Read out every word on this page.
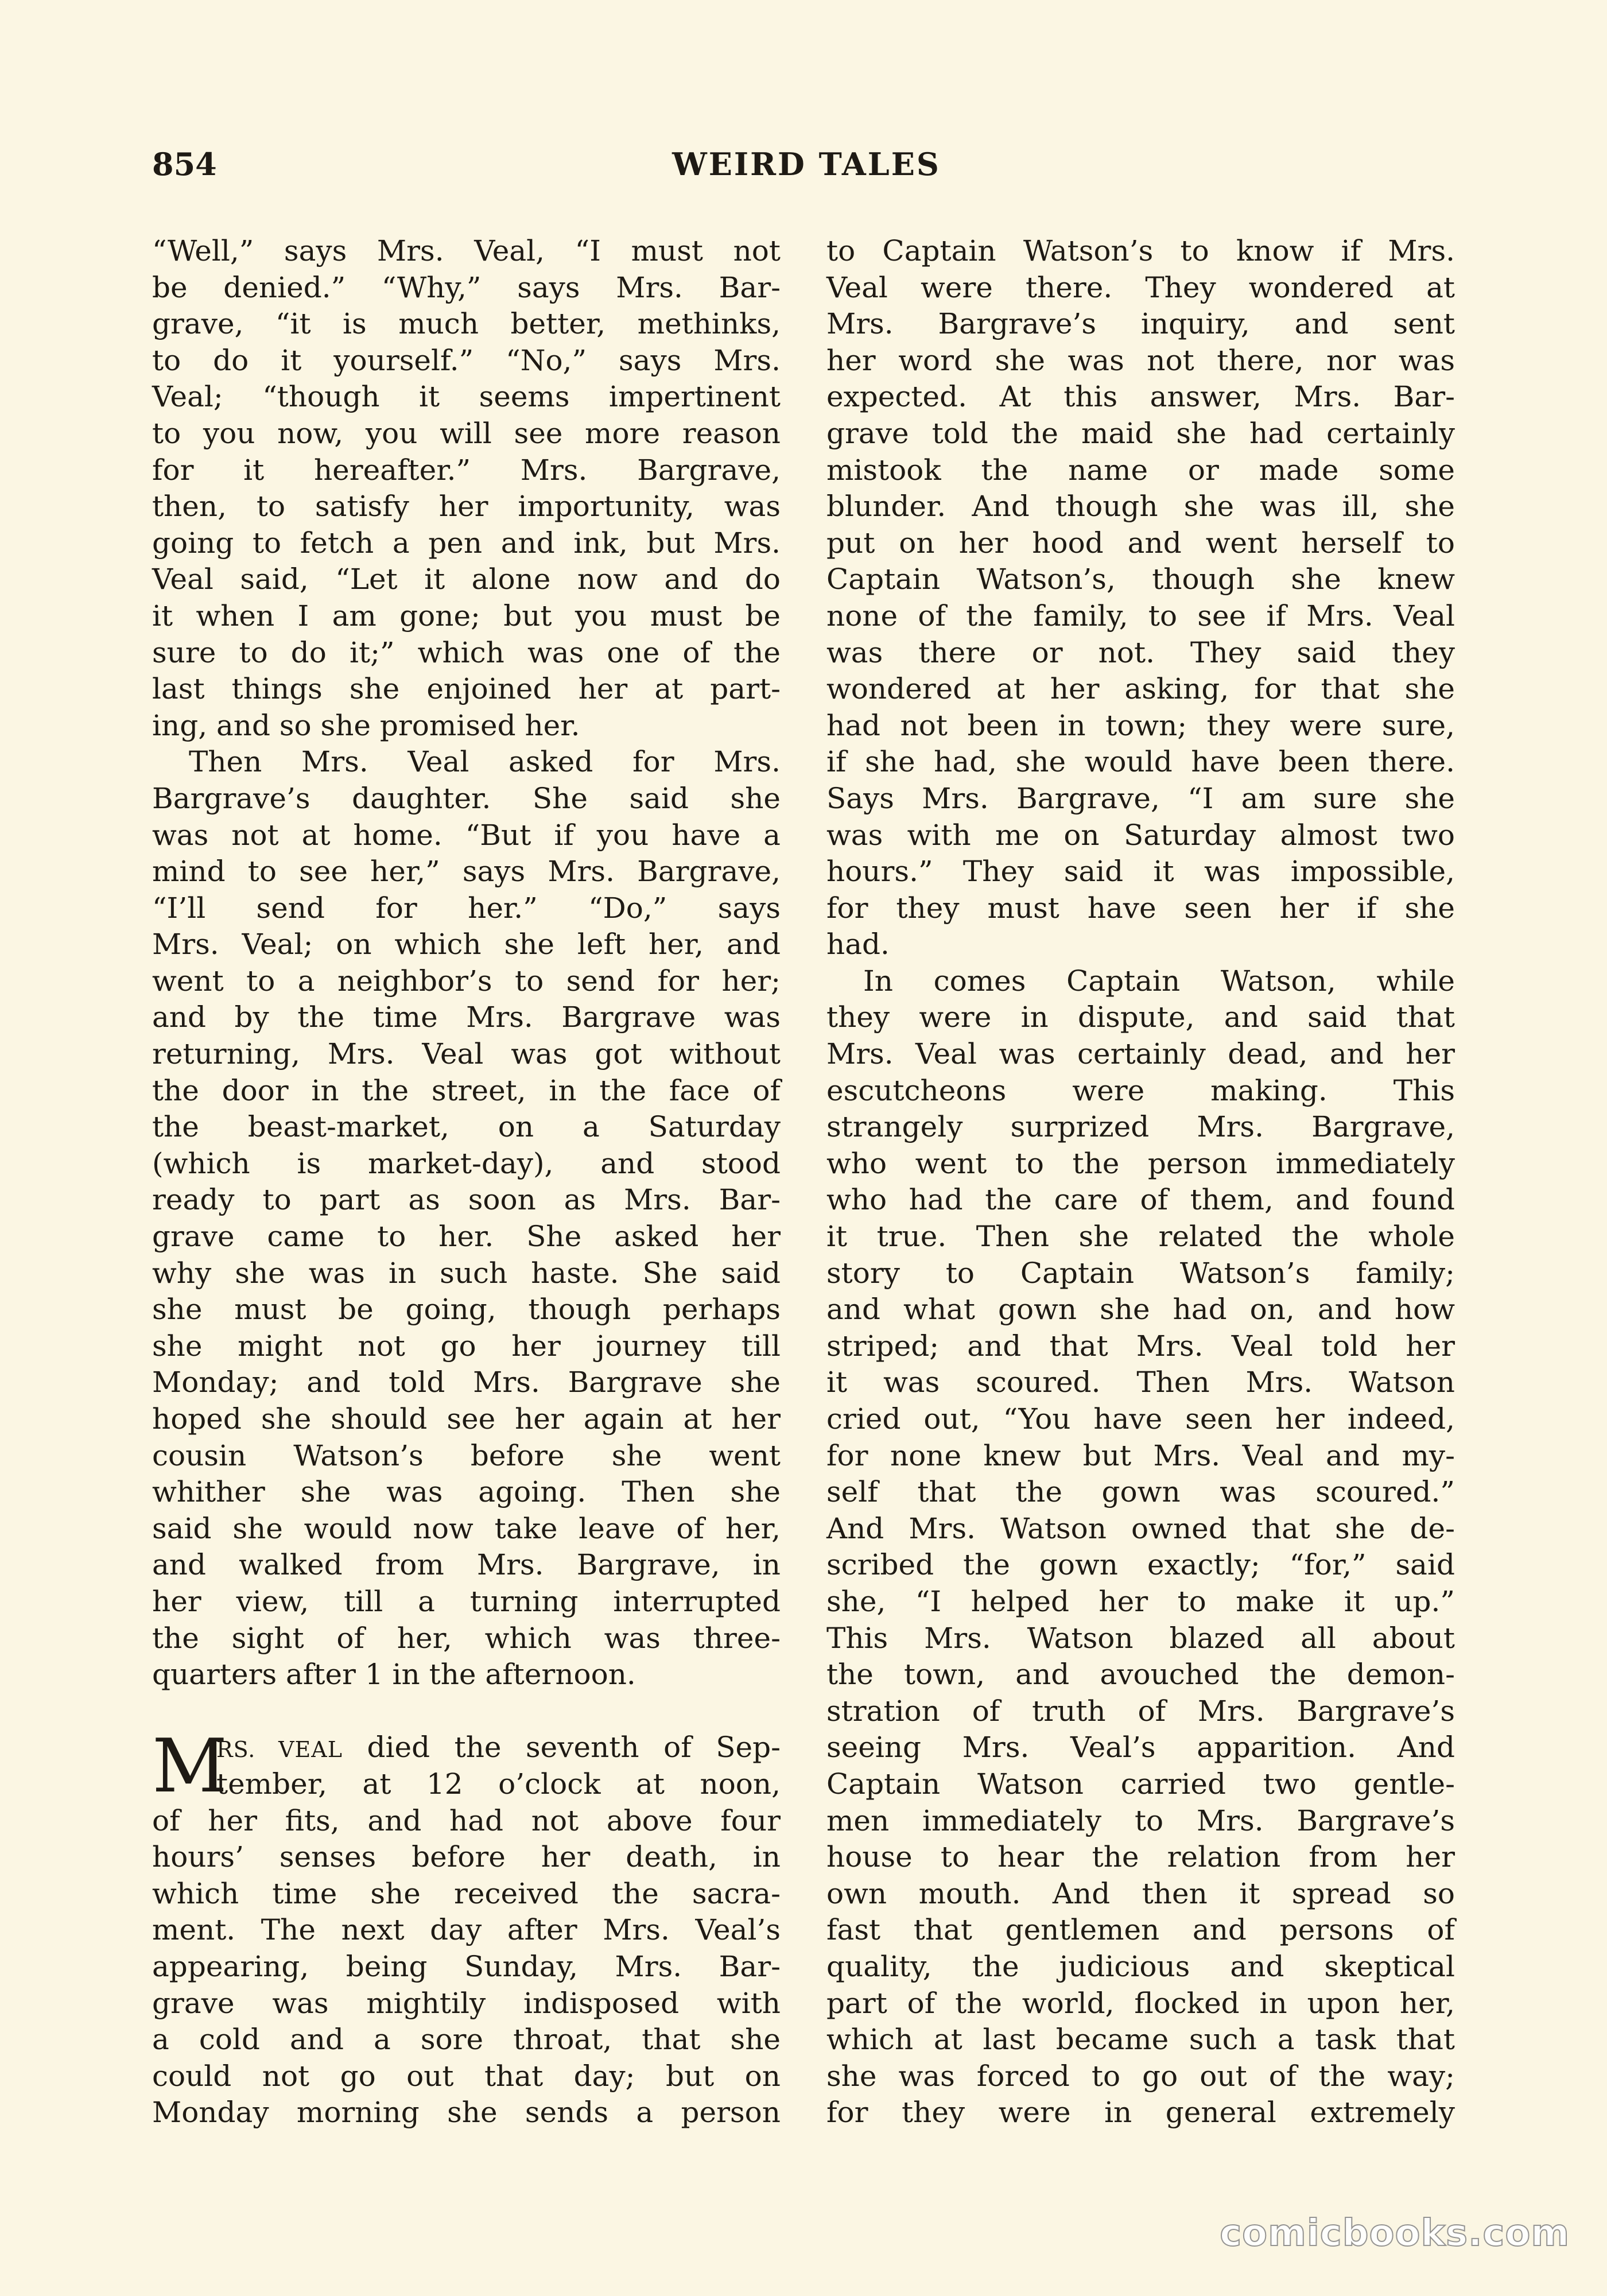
854	WEIRD TALES
“Well,” says Mrs. Veal, “I must not
be denied.” “Why,” says Mrs. Bar-
grave, “it is much better, methinks,
to do it yourself.” “No,” says Mrs.
Veal; “though it seems impertinent
to you now, you will see more reason
for it hereafter.” Mrs. Bargrave,
then, to satisfy her importunity, was
going to fetch a pen and ink, but Mrs.
Veal said, “Let it alone now and do
it when I am gone; but you must be
sure to do it;” which was one of the
last things she enjoined her at part-
ing, and so she promised her.
Then Mrs. Veal asked for Mrs.
Bargrave’s daughter. She said she
was not at home. “But if you have a
mind to see her,” says Mrs. Bargrave,
“I’ll send for her.” “Do,” says
Mrs. Veal; on which she left her, and
went to a neighbor’s to send for her;
and by the time Mrs. Bargrave was
returning, Mrs. Veal was got without
the door in the street, in the face of
the beast-market, on a Saturday
(which is market-day), and stood
ready to part as soon as Mrs. Bar-
grave came to her. She asked her
why she was in such haste. She said
she must be going, though perhaps
she might not go her journey till
Monday; and told Mrs. Bargrave she
hoped she should see her again at her
cousin Watson’s before she went
whither she was agoing. Then she
said she would now take leave of her,
and walked from Mrs. Bargrave, in
her view, till a turning interrupted
the sight of her, which was three-
quarters after 1 in the afternoon.
M
RS. VEAL died the seventh of Sep-
tember, at 12 o’clock at noon,
of her fits, and had not above four
hours’ senses before her death, in
which time she received the sacra-
ment. The next day after Mrs. Veal’s
appearing, being Sunday, Mrs. Bar-
grave was mightily indisposed with
a cold and a sore throat, that she
could not go out that day; but on
Monday morning she sends a person
to Captain Watson’s to know if Mrs.
Veal were there. They wondered at
Mrs. Bargrave’s inquiry, and sent
her word she was not there, nor was
expected. At this answer, Mrs. Bar-
grave told the maid she had certainly
mistook the name or made some
blunder. And though she was ill, she
put on her hood and went herself to
Captain Watson’s, though she knew
none of the family, to see if Mrs. Veal
was there or not. They said they
wondered at her asking, for that she
had not been in town; they were sure,
if she had, she would have been there.
Says Mrs. Bargrave, “I am sure she
was with me on Saturday almost two
hours.” They said it was impossible,
for they must have seen her if she
had.
In comes Captain Watson, while
they were in dispute, and said that
Mrs. Veal was certainly dead, and her
escutcheons were making. This
strangely surprized Mrs. Bargrave,
who went to the person immediately
who had the care of them, and found
it true. Then she related the whole
story to Captain Watson’s family;
and what gown she had on, and how
striped; and that Mrs. Veal told her
it was scoured. Then Mrs. Watson
cried out, “You have seen her indeed,
for none knew but Mrs. Veal and my-
self that the gown was scoured.”
And Mrs. Watson owned that she de-
scribed the gown exactly; “for,” said
she, “I helped her to make it up.”
This Mrs. Watson blazed all about
the town, and avouched the demon-
stration of truth of Mrs. Bargrave’s
seeing Mrs. Veal’s apparition. And
Captain Watson carried two gentle-
men immediately to Mrs. Bargrave’s
house to hear the relation from her
own mouth. And then it spread so
fast that gentlemen and persons of
quality, the judicious and skeptical
part of the world, flocked in upon her,
which at last became such a task that
she was forced to go out of the way;
for they were in general extremely
comicbooks.com
